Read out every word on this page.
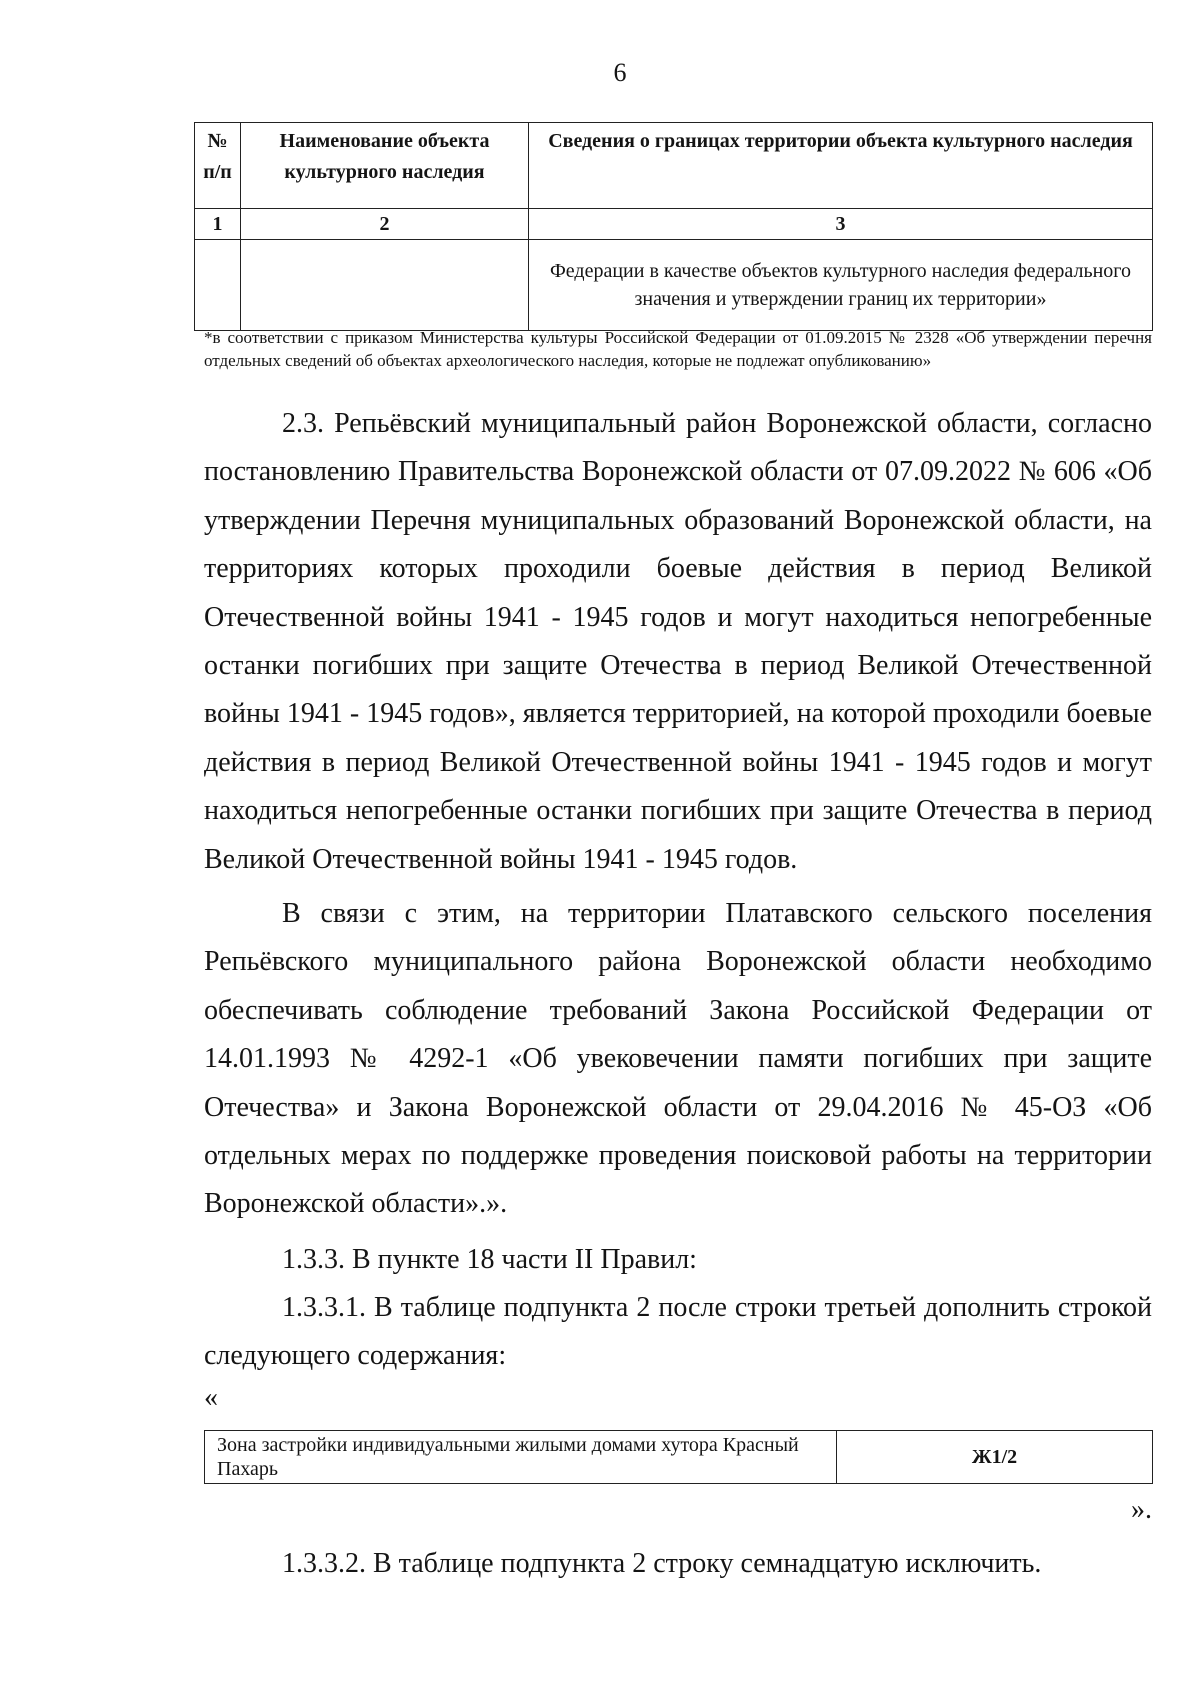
6
№ п/п	Наименование объекта культурного наследия	Сведения о границах территории объекта культурного наследия
1	2	3
		Федерации в качестве объектов культурного наследия федерального значения и утверждении границ их территории»
*в соответствии с приказом Министерства культуры Российской Федерации от 01.09.2015 № 2328 «Об утверждении перечня отдельных сведений об объектах археологического наследия, которые не подлежат опубликованию»

2.3. Репьёвский муниципальный район Воронежской области, согласно постановлению Правительства Воронежской области от 07.09.2022 № 606 «Об утверждении Перечня муниципальных образований Воронежской области, на территориях которых проходили боевые действия в период Великой Отечественной войны 1941 - 1945 годов и могут находиться непогребенные останки погибших при защите Отечества в период Великой Отечественной войны 1941 - 1945 годов», является территорией, на которой проходили боевые действия в период Великой Отечественной войны 1941 - 1945 годов и могут находиться непогребенные останки погибших при защите Отечества в период Великой Отечественной войны 1941 - 1945 годов.

В связи с этим, на территории Платавского сельского поселения Репьёвского муниципального района Воронежской области необходимо обеспечивать соблюдение требований Закона Российской Федерации от 14.01.1993 № 4292-1 «Об увековечении памяти погибших при защите Отечества» и Закона Воронежской области от 29.04.2016 № 45-ОЗ «Об отдельных мерах по поддержке проведения поисковой работы на территории Воронежской области».».

1.3.3. В пункте 18 части II Правил:

1.3.3.1. В таблице подпункта 2 после строки третьей дополнить строкой следующего содержания:

«
Зона застройки индивидуальными жилыми домами хутора Красный Пахарь	Ж1/2
».

1.3.3.2. В таблице подпункта 2 строку семнадцатую исключить.
